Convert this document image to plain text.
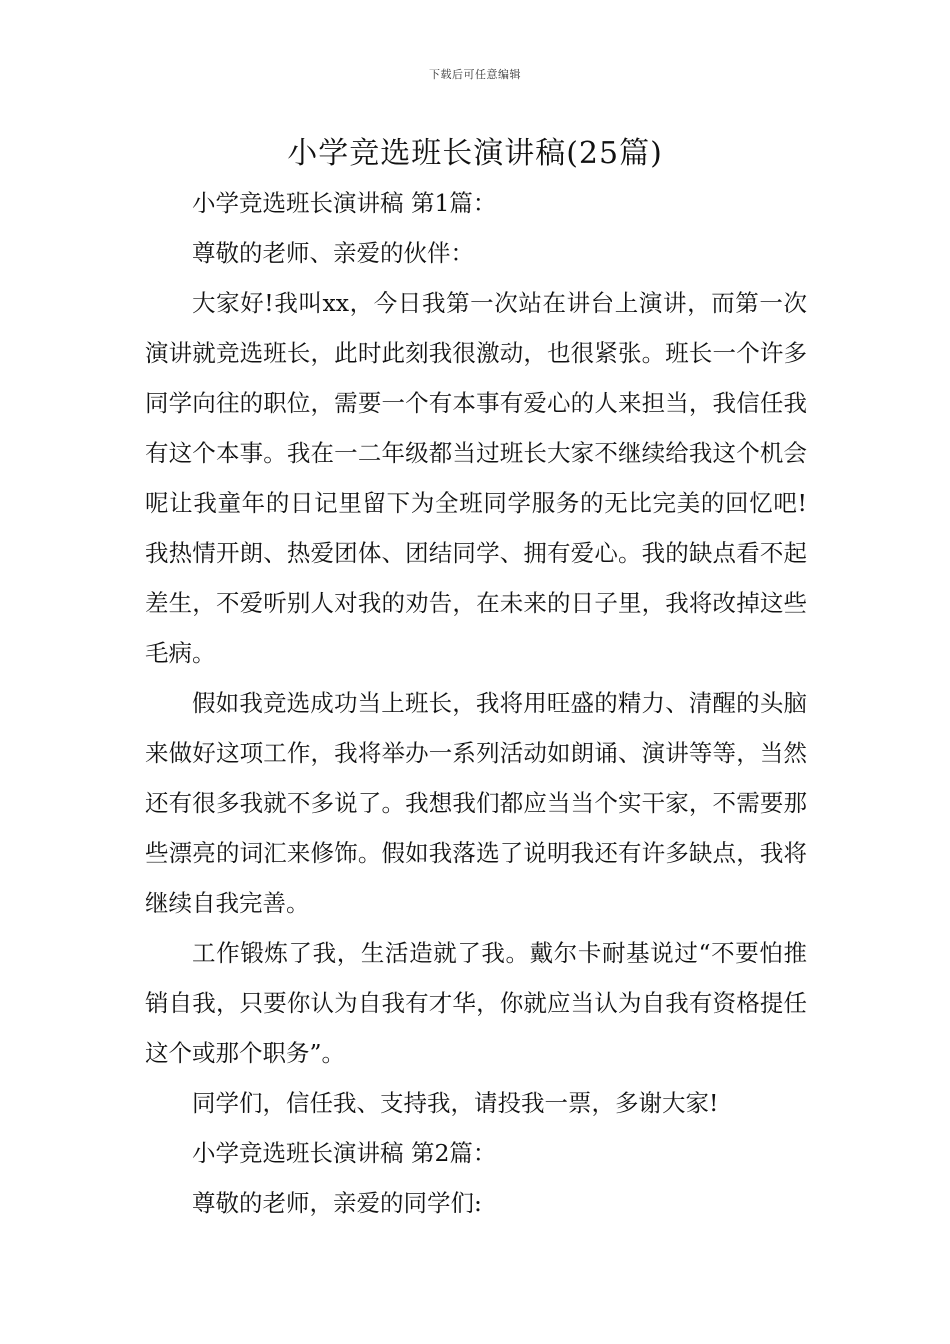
下载后可任意编辑
小学竞选班长演讲稿(25篇)

小学竞选班长演讲稿 第1篇：

尊敬的老师、亲爱的伙伴：

大家好!我叫xx，今日我第一次站在讲台上演讲，而第一次演讲就竞选班长，此时此刻我很激动，也很紧张。班长一个许多同学向往的职位，需要一个有本事有爱心的人来担当，我信任我有这个本事。我在一二年级都当过班长大家不继续给我这个机会呢让我童年的日记里留下为全班同学服务的无比完美的回忆吧!我热情开朗、热爱团体、团结同学、拥有爱心。我的缺点看不起差生，不爱听别人对我的劝告，在未来的日子里，我将改掉这些毛病。

假如我竞选成功当上班长，我将用旺盛的精力、清醒的头脑来做好这项工作，我将举办一系列活动如朗诵、演讲等等，当然还有很多我就不多说了。我想我们都应当当个实干家，不需要那些漂亮的词汇来修饰。假如我落选了说明我还有许多缺点，我将继续自我完善。

工作锻炼了我，生活造就了我。戴尔卡耐基说过“不要怕推销自我，只要你认为自我有才华，你就应当认为自我有资格提任这个或那个职务”。

同学们，信任我、支持我，请投我一票，多谢大家!

小学竞选班长演讲稿 第2篇：

尊敬的老师，亲爱的同学们:
